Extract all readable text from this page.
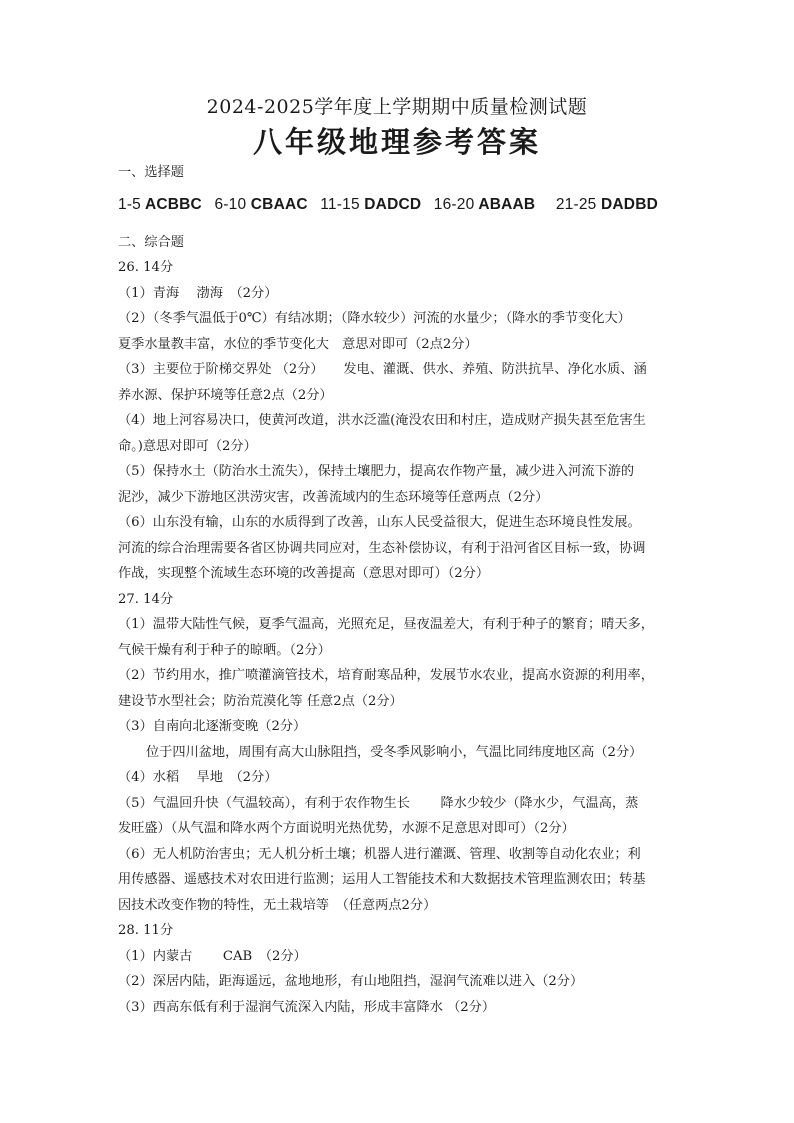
2024-2025学年度上学期期中质量检测试题
八年级地理参考答案
一、选择题
1-5 ACBBC 6-10 CBAAC 11-15 DADCD 16-20 ABAAB 21-25 DADBD
二、综合题
26. 14分
（1）青海　 渤海　（2分）
（2）（冬季气温低于0℃）有结冰期；（降水较少）河流的水量少；（降水的季节变化大）
夏季水量教丰富，水位的季节变化大　意思对即可（2点2分）
（3）主要位于阶梯交界处 （2分）　　发电、灌溉、供水、养殖、防洪抗旱、净化水质、涵
养水源、保护环境等任意2点（2分）
（4）地上河容易决口，使黄河改道，洪水泛滥(淹没农田和村庄，造成财产损失甚至危害生
命。)意思对即可（2分）
（5）保持水土（防治水土流失），保持土壤肥力，提高农作物产量，减少进入河流下游的
泥沙，减少下游地区洪涝灾害，改善流域内的生态环境等任意两点（2分）
（6）山东没有输，山东的水质得到了改善，山东人民受益很大，促进生态环境良性发展。
河流的综合治理需要各省区协调共同应对，生态补偿协议，有利于沿河省区目标一致，协调
作战，实现整个流域生态环境的改善提高（意思对即可）（2分）
27. 14分
（1）温带大陆性气候，夏季气温高，光照充足，昼夜温差大，有利于种子的繁育；晴天多，
气候干燥有利于种子的晾晒。（2分）
（2）节约用水，推广喷灌滴管技术，培育耐寒品种，发展节水农业，提高水资源的利用率，
建设节水型社会；防治荒漠化等 任意2点（2分）
（3）自南向北逐渐变晚（2分）
位于四川盆地，周围有高大山脉阻挡，受冬季风影响小，气温比同纬度地区高（2分）
（4）水稻　 旱地　（2分）
（5）气温回升快（气温较高），有利于农作物生长　　 降水少较少（降水少，气温高，蒸
发旺盛）（从气温和降水两个方面说明光热优势，水源不足意思对即可）（2分）
（6）无人机防治害虫；无人机分析土壤；机器人进行灌溉、管理、收割等自动化农业；利
用传感器、遥感技术对农田进行监测；运用人工智能技术和大数据技术管理监测农田；转基
因技术改变作物的特性，无土栽培等　（任意两点2分）
28. 11分
（1）内蒙古　　 CAB　（2分）
（2）深居内陆，距海遥远，盆地地形，有山地阻挡，湿润气流难以进入（2分）
（3）西高东低有利于湿润气流深入内陆，形成丰富降水 （2分）
